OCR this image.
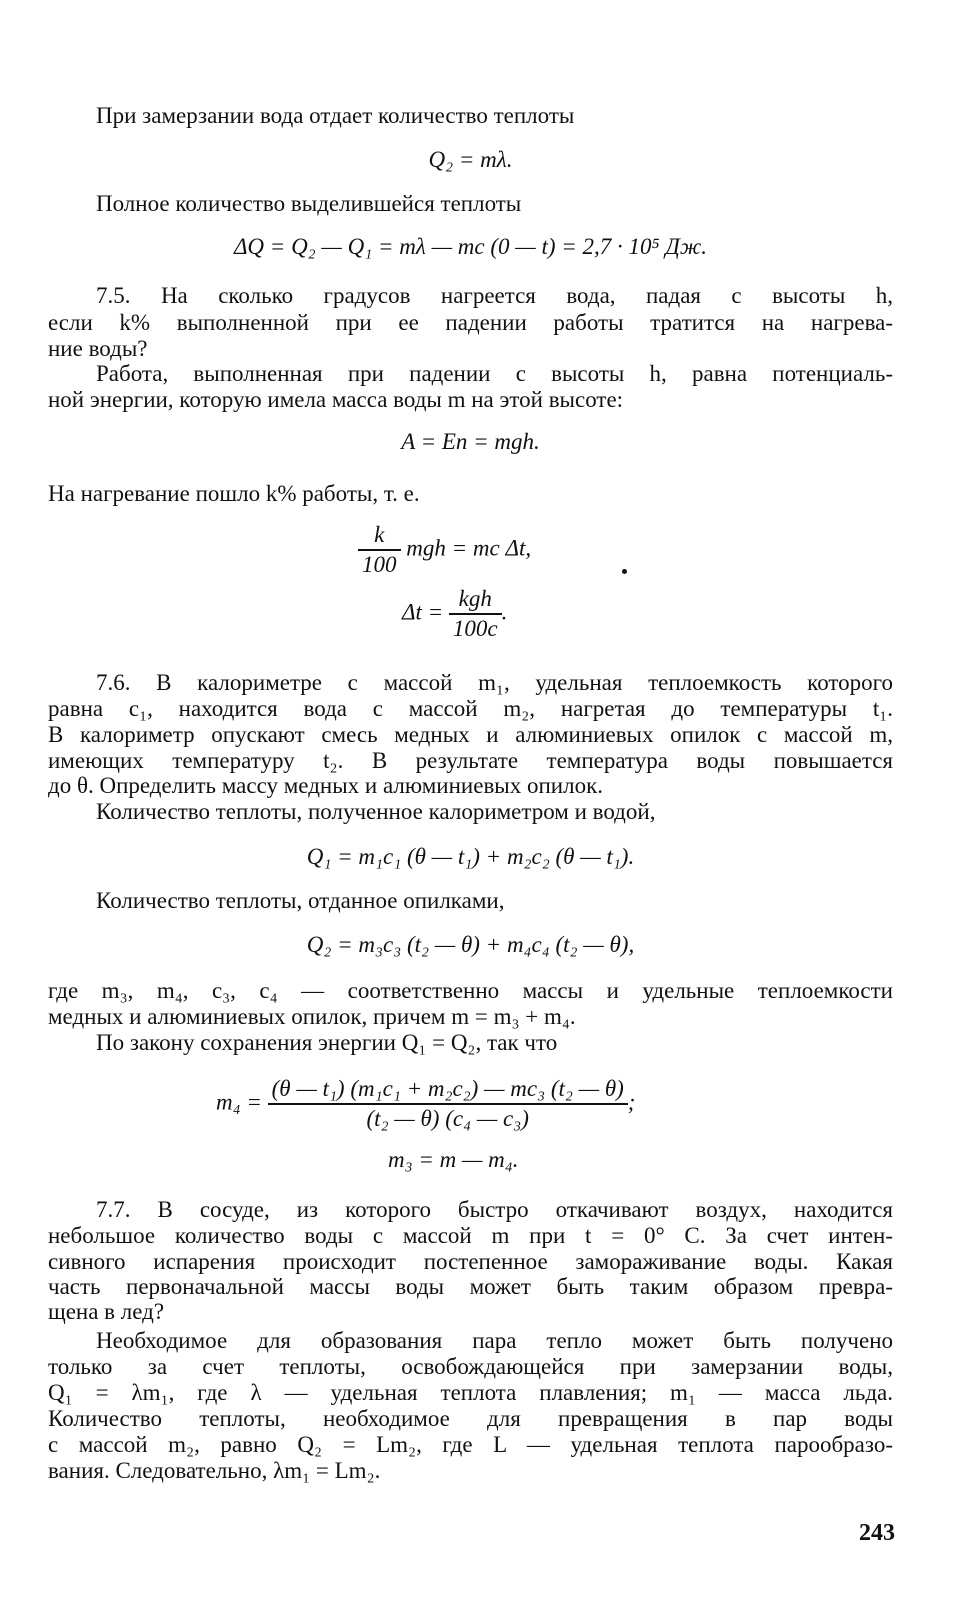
При замерзании вода отдает количество теплоты
Q₂ = mλ.
Полное количество выделившейся теплоты
ΔQ = Q₂ — Q₁ = mλ — mc (0 — t) = 2,7 · 10⁵ Дж.
7.5. На сколько градусов нагреется вода, падая с высоты h,
если k% выполненной при ее падении работы тратится на нагрева-
ние воды?
Работа, выполненная при падении с высоты h, равна потенциаль-
ной энергии, которую имела масса воды m на этой высоте:
A = Eп = mgh.
На нагревание пошло k% работы, т. е.
$\frac{k}{100}$ mgh = mc Δt,
$\Delta t = \frac{\text{kgh}}{100c}$ .
7.6. В калориметре с массой m₁, удельная теплоемкость которого
равна c₁, находится вода с массой m₂, нагретая до температуры t₁.
В калориметр опускают смесь медных и алюминиевых опилок с массой m,
имеющих температуру t₂. В результате температура воды повышается
до θ. Определить массу медных и алюминиевых опилок.
Количество теплоты, полученное калориметром и водой,
Q₁ = m₁c₁ (θ — t₁) + m₂c₂ (θ — t₁).
Количество теплоты, отданное опилками,
Q₂ = m₃c₃ (t₂ — θ) + m₄c₄ (t₂ — θ),
где m₃, m₄, c₃, c₄ — соответственно массы и удельные теплоемкости
медных и алюминиевых опилок, причем m = m₃ + m₄.
По закону сохранения энергии Q₁ = Q₂, так что
$m_4 = \frac{\text{(θ — t₁) (m₁c₁ + m₂c₂) — mc₃ (t₂ — θ)}}{\text{(t₂ — θ) (c₄ — c₃)}}$ ;
m₃ = m — m₄.
7.7. В сосуде, из которого быстро откачивают воздух, находится
небольшое количество воды с массой m при t = 0° С. За счет интен-
сивного испарения происходит постепенное замораживание воды. Какая
часть первоначальной массы воды может быть таким образом превра-
щена в лед?
Необходимое для образования пара тепло может быть получено
только за счет теплоты, освобождающейся при замерзании воды,
Q₁ = λm₁, где λ — удельная теплота плавления; m₁ — масса льда.
Количество теплоты, необходимое для превращения в пар воды
с массой m₂, равно Q₂ = Lm₂, где L — удельная теплота парообразо-
вания. Следовательно, λm₁ = Lm₂.
243
